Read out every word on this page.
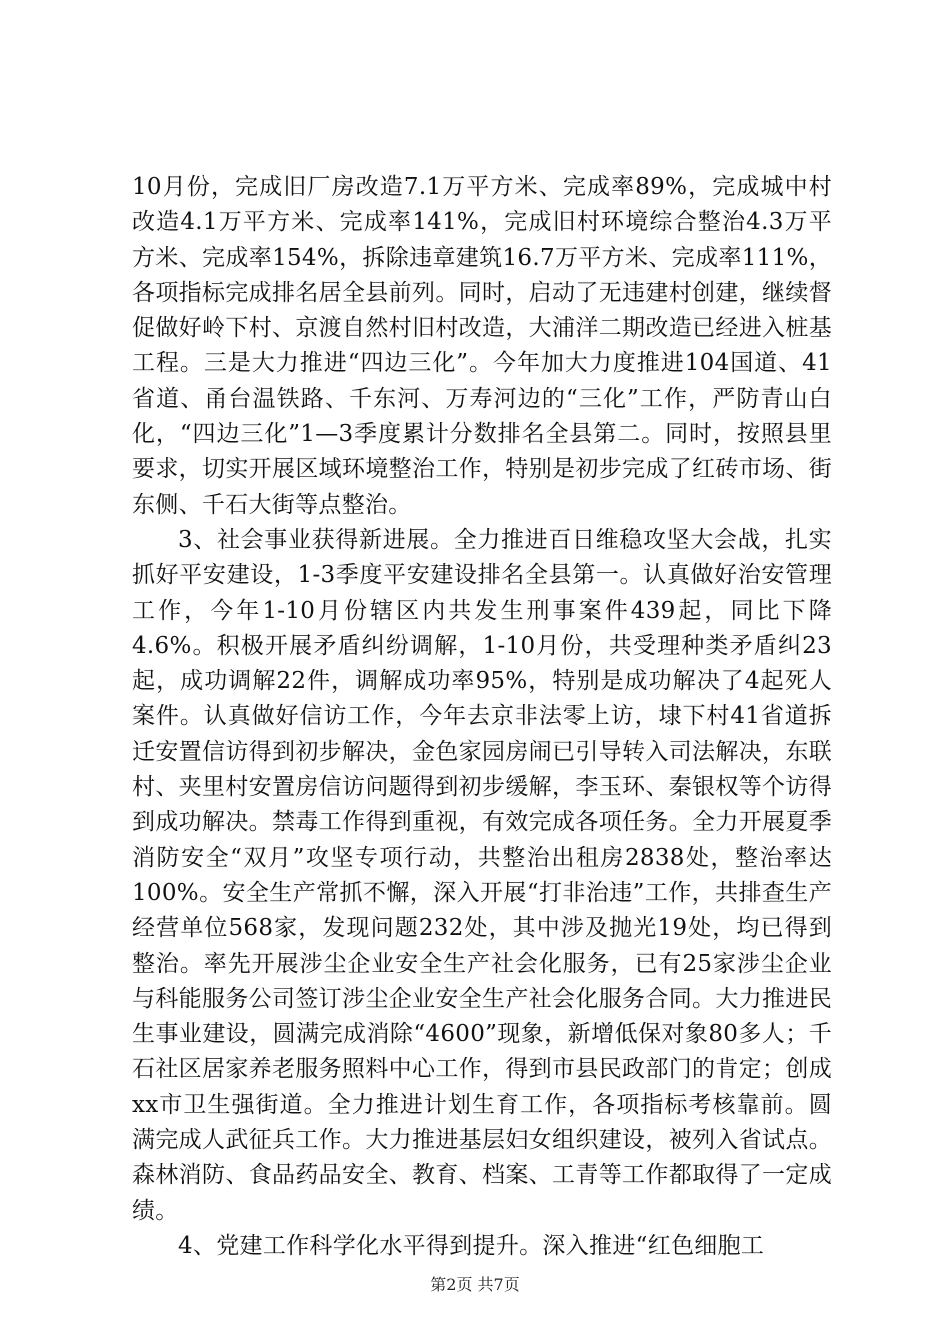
10月份，完成旧厂房改造7.1万平方米、完成率89%，完成城中村改造4.1万平方米、完成率141%，完成旧村环境综合整治4.3万平方米、完成率154%，拆除违章建筑16.7万平方米、完成率111%，各项指标完成排名居全县前列。同时，启动了无违建村创建，继续督促做好岭下村、京渡自然村旧村改造，大浦洋二期改造已经进入桩基工程。三是大力推进“四边三化”。今年加大力度推进104国道、41省道、甬台温铁路、千东河、万寿河边的“三化”工作，严防青山白化，“四边三化”1—3季度累计分数排名全县第二。同时，按照县里要求，切实开展区域环境整治工作，特别是初步完成了红砖市场、街东侧、千石大街等点整治。

3、社会事业获得新进展。全力推进百日维稳攻坚大会战，扎实抓好平安建设，1-3季度平安建设排名全县第一。认真做好治安管理工作，今年1-10月份辖区内共发生刑事案件439起，同比下降4.6%。积极开展矛盾纠纷调解，1-10月份，共受理种类矛盾纠23起，成功调解22件，调解成功率95%，特别是成功解决了4起死人案件。认真做好信访工作，今年去京非法零上访，埭下村41省道拆迁安置信访得到初步解决，金色家园房闹已引导转入司法解决，东联村、夹里村安置房信访问题得到初步缓解，李玉环、秦银权等个访得到成功解决。禁毒工作得到重视，有效完成各项任务。全力开展夏季消防安全“双月”攻坚专项行动，共整治出租房2838处，整治率达100%。安全生产常抓不懈，深入开展“打非治违”工作，共排查生产经营单位568家，发现问题232处，其中涉及抛光19处，均已得到整治。率先开展涉尘企业安全生产社会化服务，已有25家涉尘企业与科能服务公司签订涉尘企业安全生产社会化服务合同。大力推进民生事业建设，圆满完成消除“4600”现象，新增低保对象80多人；千石社区居家养老服务照料中心工作，得到市县民政部门的肯定；创成xx市卫生强街道。全力推进计划生育工作，各项指标考核靠前。圆满完成人武征兵工作。大力推进基层妇女组织建设，被列入省试点。森林消防、食品药品安全、教育、档案、工青等工作都取得了一定成绩。

4、党建工作科学化水平得到提升。深入推进“红色细胞工

第2页 共7页
